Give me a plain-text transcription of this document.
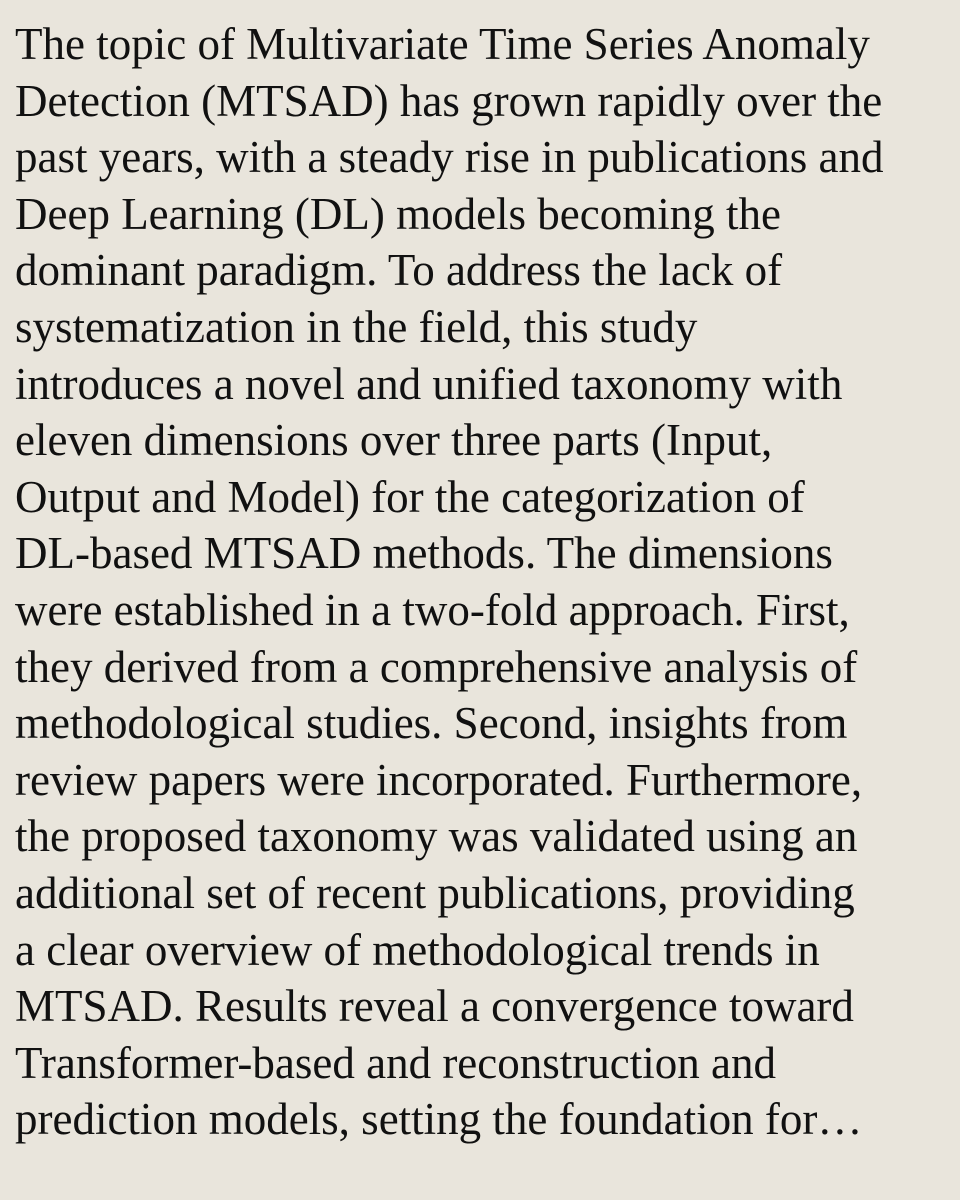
The topic of Multivariate Time Series Anomaly
Detection (MTSAD) has grown rapidly over the
past years, with a steady rise in publications and
Deep Learning (DL) models becoming the
dominant paradigm. To address the lack of
systematization in the field, this study
introduces a novel and unified taxonomy with
eleven dimensions over three parts (Input,
Output and Model) for the categorization of
DL-based MTSAD methods. The dimensions
were established in a two-fold approach. First,
they derived from a comprehensive analysis of
methodological studies. Second, insights from
review papers were incorporated. Furthermore,
the proposed taxonomy was validated using an
additional set of recent publications, providing
a clear overview of methodological trends in
MTSAD. Results reveal a convergence toward
Transformer-based and reconstruction and
prediction models, setting the foundation for…
